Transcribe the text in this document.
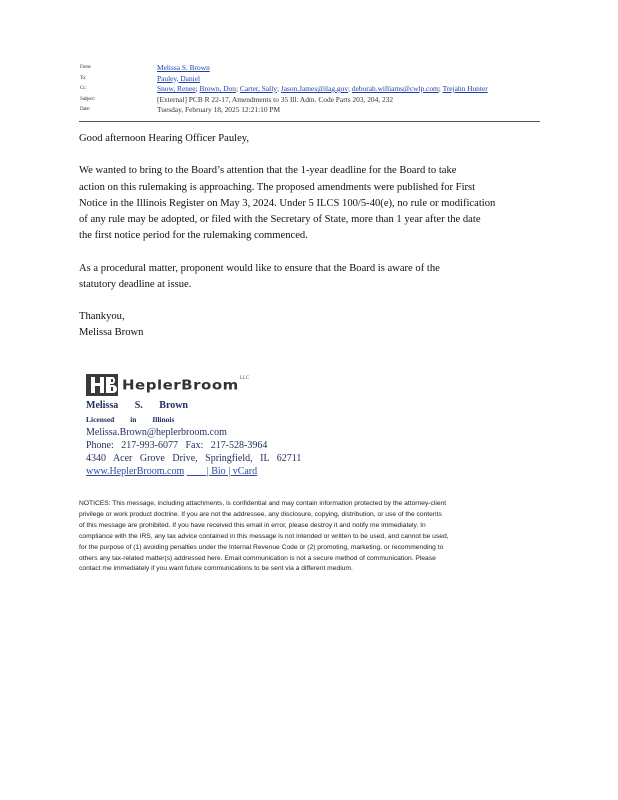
From:	Melissa S. Brown
To:	Pauley, Daniel
Cc:	Snow, Renee; Brown, Don; Carter, Sally; Jason.James@ilag.gov; deborah.williams@cwlp.com; Trejahn Hunter
Subject:	[External] PCB R 22-17, Amendments to 35 Ill. Adm. Code Parts 203, 204, 232
Date:	Tuesday, February 18, 2025 12:21:10 PM

Good afternoon Hearing Officer Pauley,

We wanted to bring to the Board’s attention that the 1-year deadline for the Board to take

action on this rulemaking is approaching. The proposed amendments were published for First

Notice in the Illinois Register on May 3, 2024. Under 5 ILCS 100/5-40(e), no rule or modification

of any rule may be adopted, or filed with the Secretary of State, more than 1 year after the date

the first notice period for the rulemaking commenced.

As a procedural matter, proponent would like to ensure that the Board is aware of the

statutory deadline at issue.

Thankyou,

Melissa Brown

HeplerBroom LLC
Melissa S. Brown
Licensed in Illinois
Melissa.Brown@heplerbroom.com
Phone: 217-993-6077 Fax: 217-528-3964
4340 Acer Grove Drive, Springfield, IL 62711
www.HeplerBroom.com         | Bio | vCard
NOTICES: This message, including attachments, is confidential and may contain information protected by the attorney-client
privilege or work product doctrine. If you are not the addressee, any disclosure, copying, distribution, or use of the contents
of this message are prohibited. If you have received this email in error, please destroy it and notify me immediately. In
compliance with the IRS, any tax advice contained in this message is not intended or written to be used, and cannot be used,
for the purpose of (1) avoiding penalties under the Internal Revenue Code or (2) promoting, marketing, or recommending to
others any tax-related matter(s) addressed here. Email communication is not a secure method of communication. Please
contact me immediately if you want future communications to be sent via a different medium.
